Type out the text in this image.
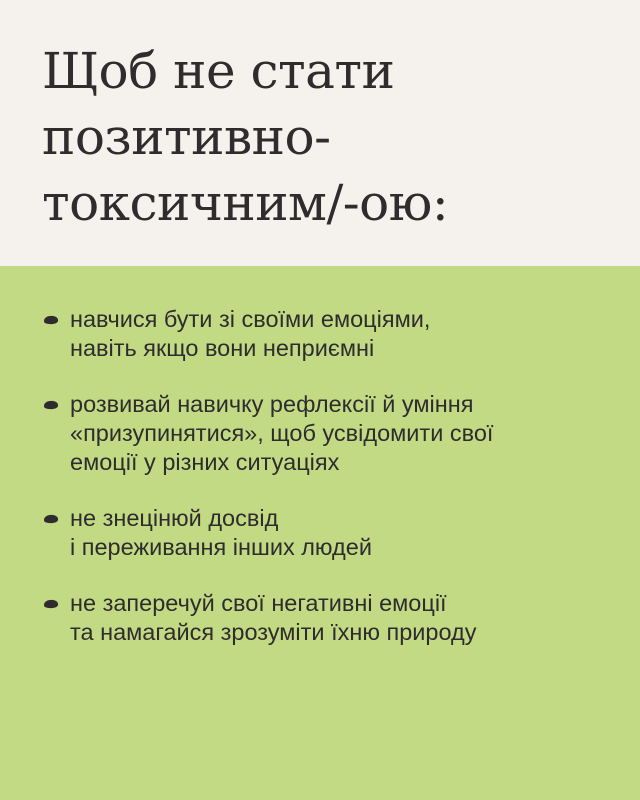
Щоб не стати
позитивно-
токсичним/-ою:
навчися бути зі своїми емоціями,
навіть якщо вони неприємні
розвивай навичку рефлексії й уміння
«призупинятися», щоб усвідомити свої
емоції у різних ситуаціях
не знецінюй досвід
і переживання інших людей
не заперечуй свої негативні емоції
та намагайся зрозуміти їхню природу
